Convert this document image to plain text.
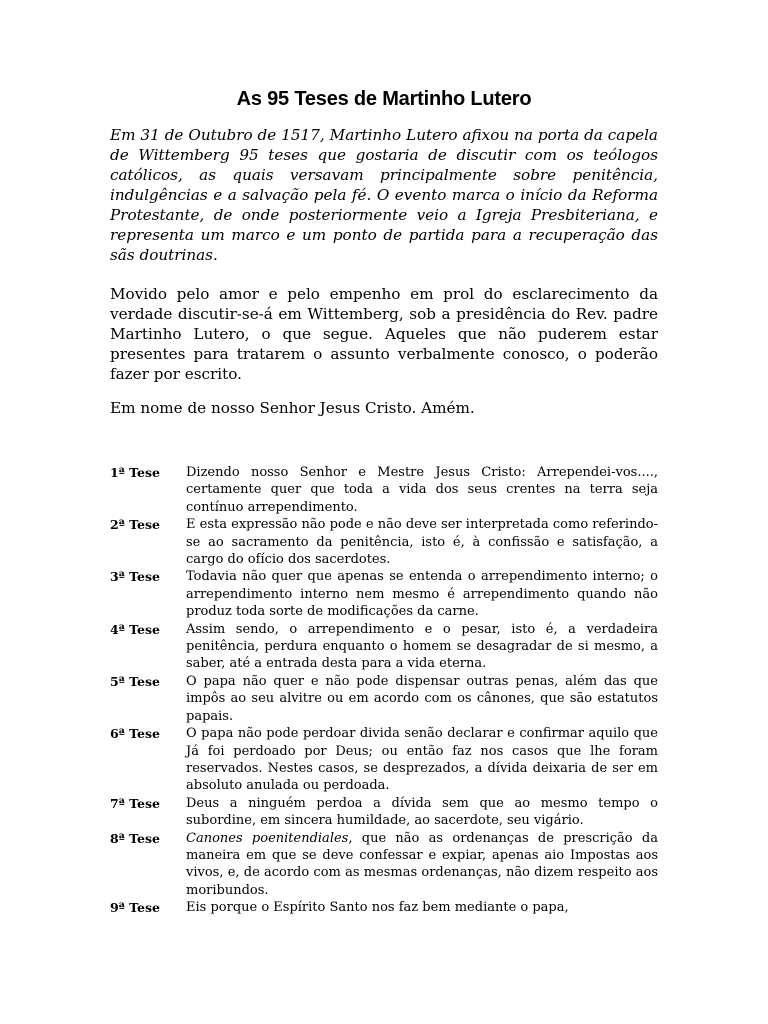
As 95 Teses de Martinho Lutero

Em 31 de Outubro de 1517, Martinho Lutero afixou na porta da capela de Wittemberg 95 teses que gostaria de discutir com os teólogos católicos, as quais versavam principalmente sobre penitência, indulgências e a salvação pela fé. O evento marca o início da Reforma Protestante, de onde posteriormente veio a Igreja Presbiteriana, e representa um marco e um ponto de partida para a recuperação das sãs doutrinas.

Movido pelo amor e pelo empenho em prol do esclarecimento da verdade discutir-se-á em Wittemberg, sob a presidência do Rev. padre Martinho Lutero, o que segue. Aqueles que não puderem estar presentes para tratarem o assunto verbalmente conosco, o poderão fazer por escrito.

Em nome de nosso Senhor Jesus Cristo. Amém.

1ª Tese	Dizendo nosso Senhor e Mestre Jesus Cristo: Arrependei-vos...., certamente quer que toda a vida dos seus crentes na terra seja contínuo arrependimento.
2ª Tese	E esta expressão não pode e não deve ser interpretada como referindo-se ao sacramento da penitência, isto é, à confissão e satisfação, a cargo do ofício dos sacerdotes.
3ª Tese	Todavia não quer que apenas se entenda o arrependimento interno; o arrependimento interno nem mesmo é arrependimento quando não produz toda sorte de modificações da carne.
4ª Tese	Assim sendo, o arrependimento e o pesar, isto é, a verdadeira penitência, perdura enquanto o homem se desagradar de si mesmo, a saber, até a entrada desta para a vida eterna.
5ª Tese	O papa não quer e não pode dispensar outras penas, além das que impôs ao seu alvitre ou em acordo com os cânones, que são estatutos papais.
6ª Tese	O papa não pode perdoar divida senão declarar e confirmar aquilo que Já foi perdoado por Deus; ou então faz nos casos que lhe foram reservados. Nestes casos, se desprezados, a dívida deixaria de ser em absoluto anulada ou perdoada.
7ª Tese	Deus a ninguém perdoa a dívida sem que ao mesmo tempo o subordine, em sincera humildade, ao sacerdote, seu vigário.
8ª Tese	Canones poenitendiales, que não as ordenanças de prescrição da maneira em que se deve confessar e expiar, apenas aio Impostas aos vivos, e, de acordo com as mesmas ordenanças, não dizem respeito aos moribundos.
9ª Tese	Eis porque o Espírito Santo nos faz bem mediante o papa,
